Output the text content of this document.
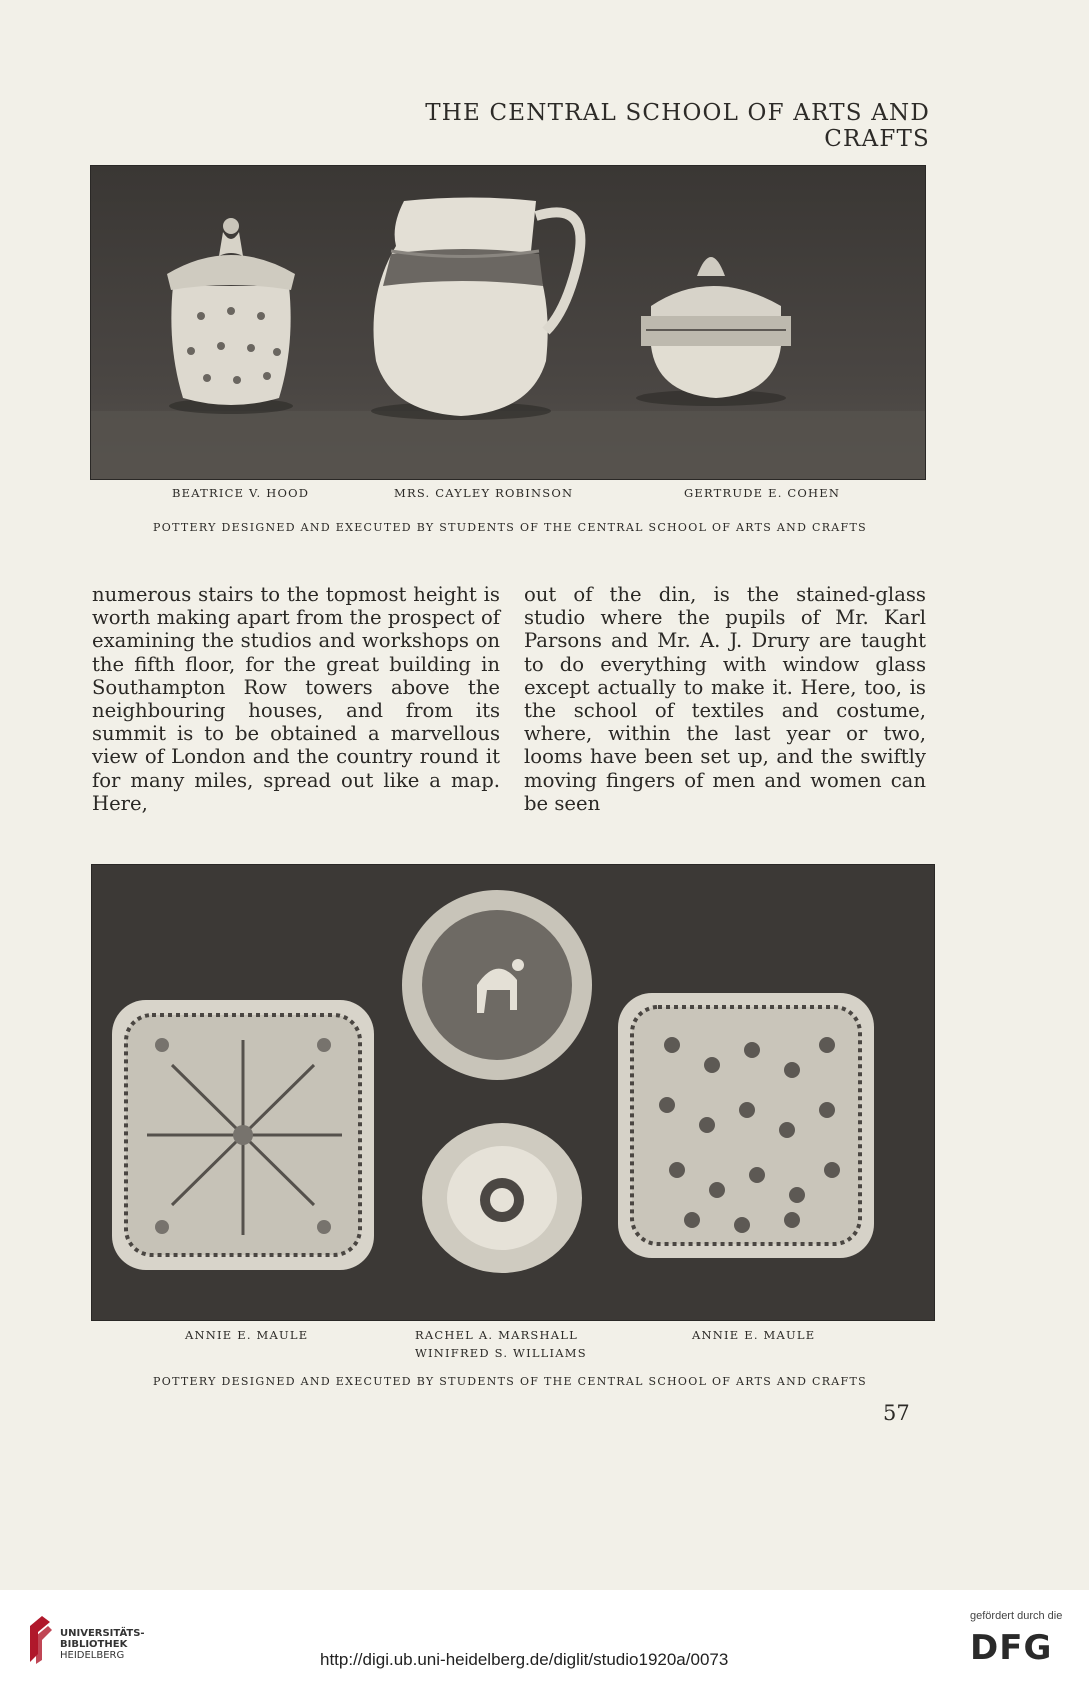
THE CENTRAL SCHOOL OF ARTS AND CRAFTS
BEATRICE V. HOOD	MRS. CAYLEY ROBINSON	GERTRUDE E. COHEN
POTTERY DESIGNED AND EXECUTED BY STUDENTS OF THE CENTRAL SCHOOL OF ARTS AND CRAFTS

numerous stairs to the topmost height is worth making apart from the prospect of examining the studios and workshops on the fifth floor, for the great building in Southampton Row towers above the neighbouring houses, and from its summit is to be obtained a marvellous view of London and the country round it for many miles, spread out like a map. Here,

out of the din, is the stained-glass studio where the pupils of Mr. Karl Parsons and Mr. A. J. Drury are taught to do everything with window glass except actually to make it. Here, too, is the school of textiles and costume, where, within the last year or two, looms have been set up, and the swiftly moving fingers of men and women can be seen

ANNIE E. MAULE	RACHEL A. MARSHALL
WINIFRED S. WILLIAMS
ANNIE E. MAULE
POTTERY DESIGNED AND EXECUTED BY STUDENTS OF THE CENTRAL SCHOOL OF ARTS AND CRAFTS
57
UNIVERSITÄTS-
BIBLIOTHEK
HEIDELBERG	http://digi.ub.uni-heidelberg.de/diglit/studio1920a/0073
gefördert durch die
DFG
